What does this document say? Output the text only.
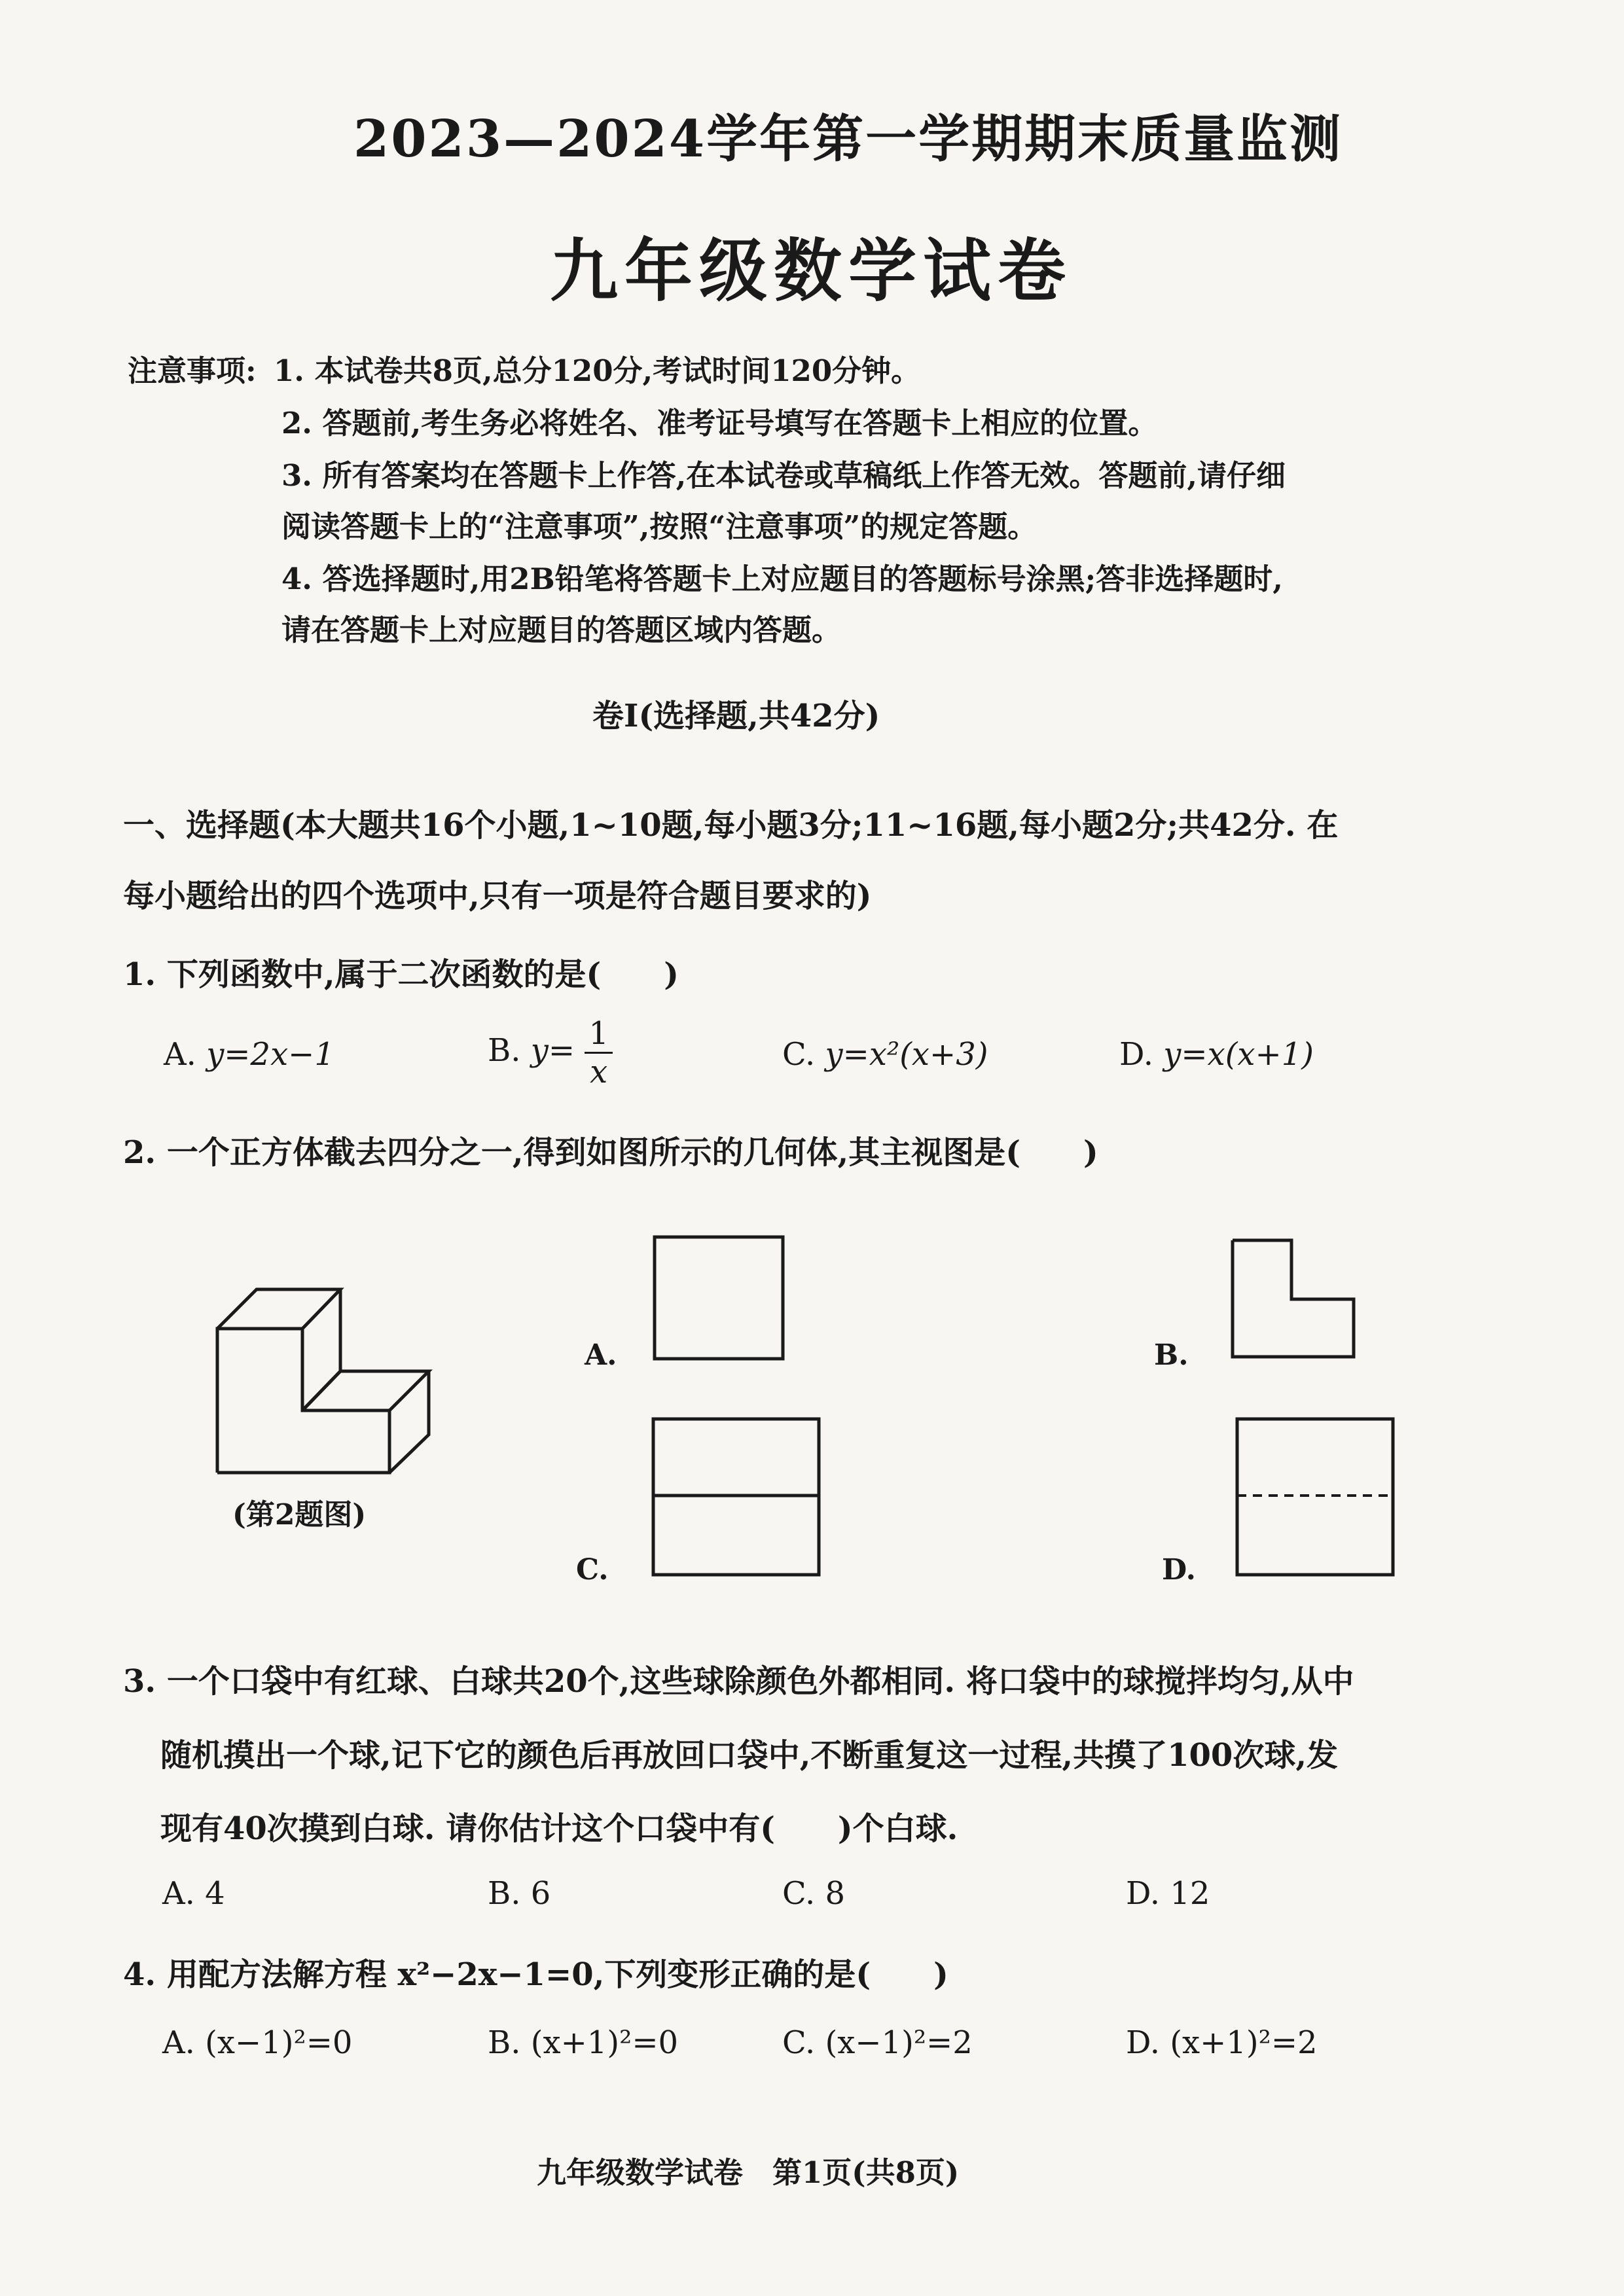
2023—2024学年第一学期期末质量监测
九年级数学试卷
注意事项: 1. 本试卷共8页,总分120分,考试时间120分钟。
2. 答题前,考生务必将姓名、准考证号填写在答题卡上相应的位置。
3. 所有答案均在答题卡上作答,在本试卷或草稿纸上作答无效。答题前,请仔细
阅读答题卡上的“注意事项”,按照“注意事项”的规定答题。
4. 答选择题时,用2B铅笔将答题卡上对应题目的答题标号涂黑;答非选择题时,
请在答题卡上对应题目的答题区域内答题。
卷Ⅰ(选择题,共42分)
一、选择题(本大题共16个小题,1~10题,每小题3分;11~16题,每小题2分;共42分. 在
每小题给出的四个选项中,只有一项是符合题目要求的)
1. 下列函数中,属于二次函数的是(　　)
A. y=2x−1	B. $y= \frac{1}{x}$	C. y=x²(x+3)	D. y=x(x+1)
2. 一个正方体截去四分之一,得到如图所示的几何体,其主视图是(　　)
(第2题图)
A.	B.
C.	D.
3. 一个口袋中有红球、白球共20个,这些球除颜色外都相同. 将口袋中的球搅拌均匀,从中
随机摸出一个球,记下它的颜色后再放回口袋中,不断重复这一过程,共摸了100次球,发
现有40次摸到白球. 请你估计这个口袋中有(　　)个白球.
A. 4	B. 6	C. 8	D. 12
4. 用配方法解方程 x²−2x−1=0,下列变形正确的是(　　)
A. (x−1)²=0	B. (x+1)²=0	C. (x−1)²=2	D. (x+1)²=2
九年级数学试卷　第1页(共8页)
